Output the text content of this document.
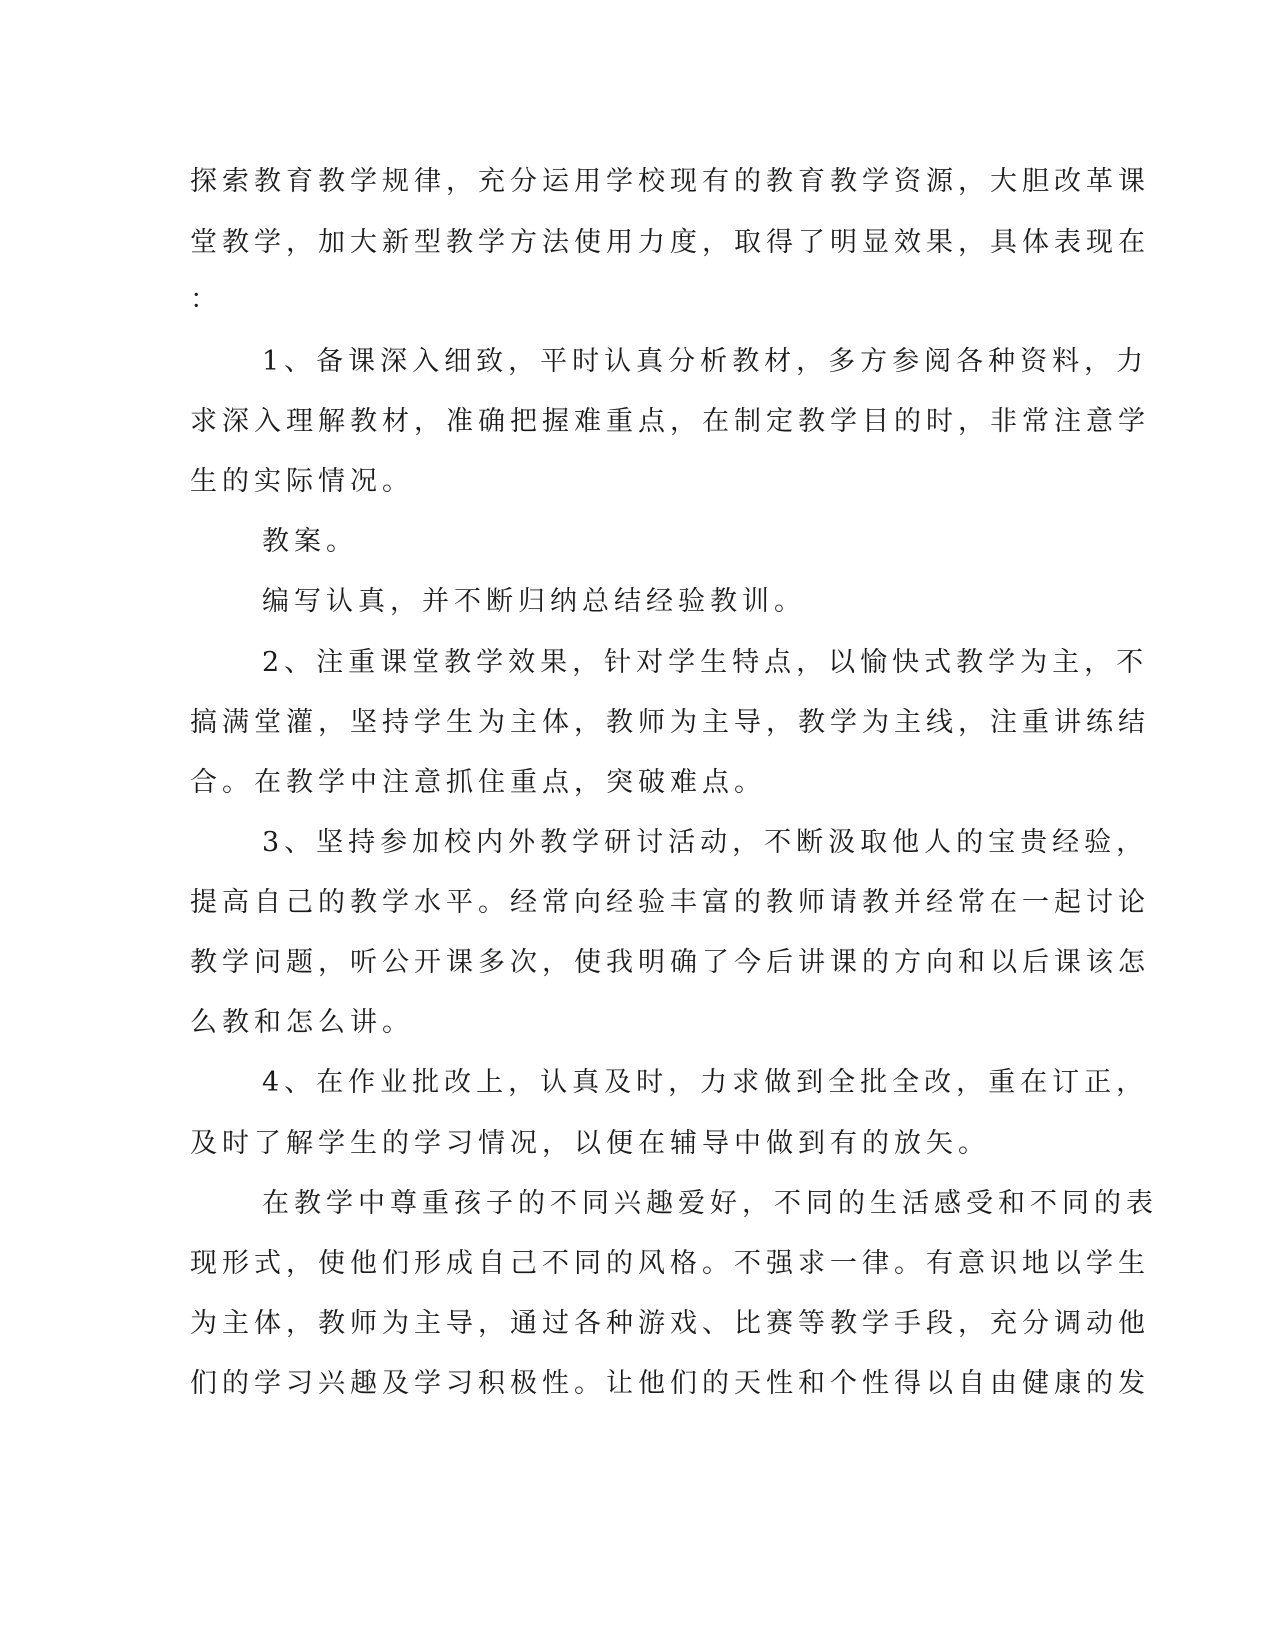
探索教育教学规律，充分运用学校现有的教育教学资源，大胆改革课
堂教学，加大新型教学方法使用力度，取得了明显效果，具体表现在
：
1、备课深入细致，平时认真分析教材，多方参阅各种资料，力
求深入理解教材，准确把握难重点，在制定教学目的时，非常注意学
生的实际情况。
教案。
编写认真，并不断归纳总结经验教训。
2、注重课堂教学效果，针对学生特点，以愉快式教学为主，不
搞满堂灌，坚持学生为主体，教师为主导，教学为主线，注重讲练结
合。在教学中注意抓住重点，突破难点。
3、坚持参加校内外教学研讨活动，不断汲取他人的宝贵经验，
提高自己的教学水平。经常向经验丰富的教师请教并经常在一起讨论
教学问题，听公开课多次，使我明确了今后讲课的方向和以后课该怎
么教和怎么讲。
4、在作业批改上，认真及时，力求做到全批全改，重在订正，
及时了解学生的学习情况，以便在辅导中做到有的放矢。
在教学中尊重孩子的不同兴趣爱好，不同的生活感受和不同的表
现形式，使他们形成自己不同的风格。不强求一律。有意识地以学生
为主体，教师为主导，通过各种游戏、比赛等教学手段，充分调动他
们的学习兴趣及学习积极性。让他们的天性和个性得以自由健康的发
